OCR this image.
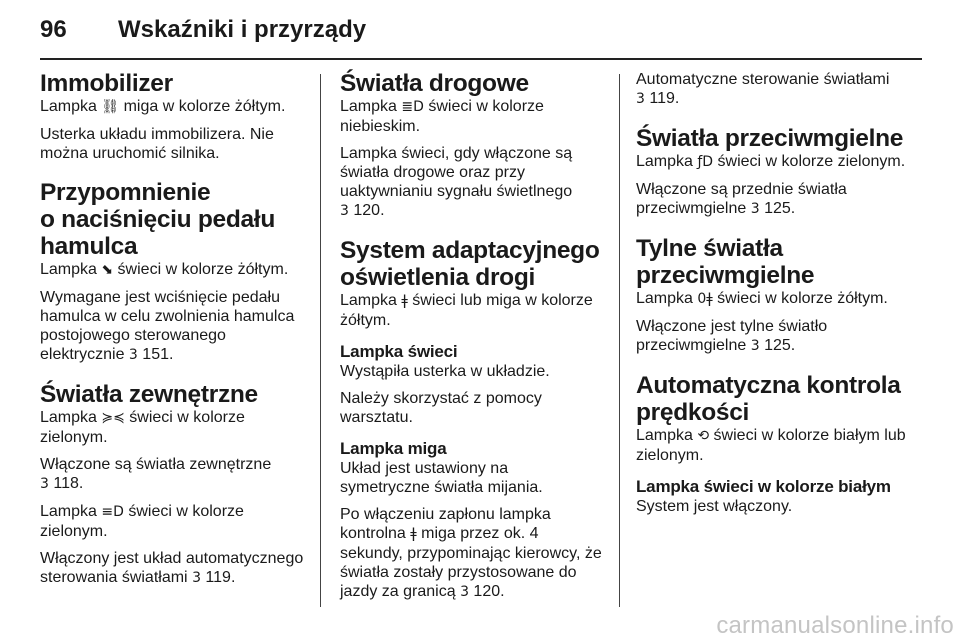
96 Wskaźniki i przyrządy
Immobilizer

Lampka ⛓ miga w kolorze żółtym.

Usterka układu immobilizera. Nie można uruchomić silnika.

Przypomnienie
o naciśnięciu pedału
hamulca

Lampka ⬊ świeci w kolorze żółtym.

Wymagane jest wciśnięcie pedału hamulca w celu zwolnienia hamulca postojowego sterowanego elektrycznie 3 151.

Światła zewnętrzne

Lampka ≽≼ świeci w kolorze zielonym.

Włączone są światła zewnętrzne
3 118.

Lampka ≡D świeci w kolorze zielonym.

Włączony jest układ automatycznego sterowania światłami 3 119.

Światła drogowe

Lampka ≣D świeci w kolorze niebieskim.

Lampka świeci, gdy włączone są światła drogowe oraz przy uaktywnianiu sygnału świetlnego
3 120.

System adaptacyjnego
oświetlenia drogi

Lampka ǂ świeci lub miga w kolorze żółtym.

Lampka świeci

Wystąpiła usterka w układzie.

Należy skorzystać z pomocy warsztatu.

Lampka miga

Układ jest ustawiony na symetryczne światła mijania.

Po włączeniu zapłonu lampka kontrolna ǂ miga przez ok. 4 sekundy, przypominając kierowcy, że światła zostały przystosowane do jazdy za granicą 3 120.

Automatyczne sterowanie światłami
3 119.

Światła przeciwmgielne

Lampka ƒD świeci w kolorze zielonym.

Włączone są przednie światła przeciwmgielne 3 125.

Tylne światła
przeciwmgielne

Lampka 0ǂ świeci w kolorze żółtym.

Włączone jest tylne światło przeciwmgielne 3 125.

Automatyczna kontrola
prędkości

Lampka ⟲ świeci w kolorze białym lub zielonym.

Lampka świeci w kolorze białym

System jest włączony.

carmanualsonline.info
